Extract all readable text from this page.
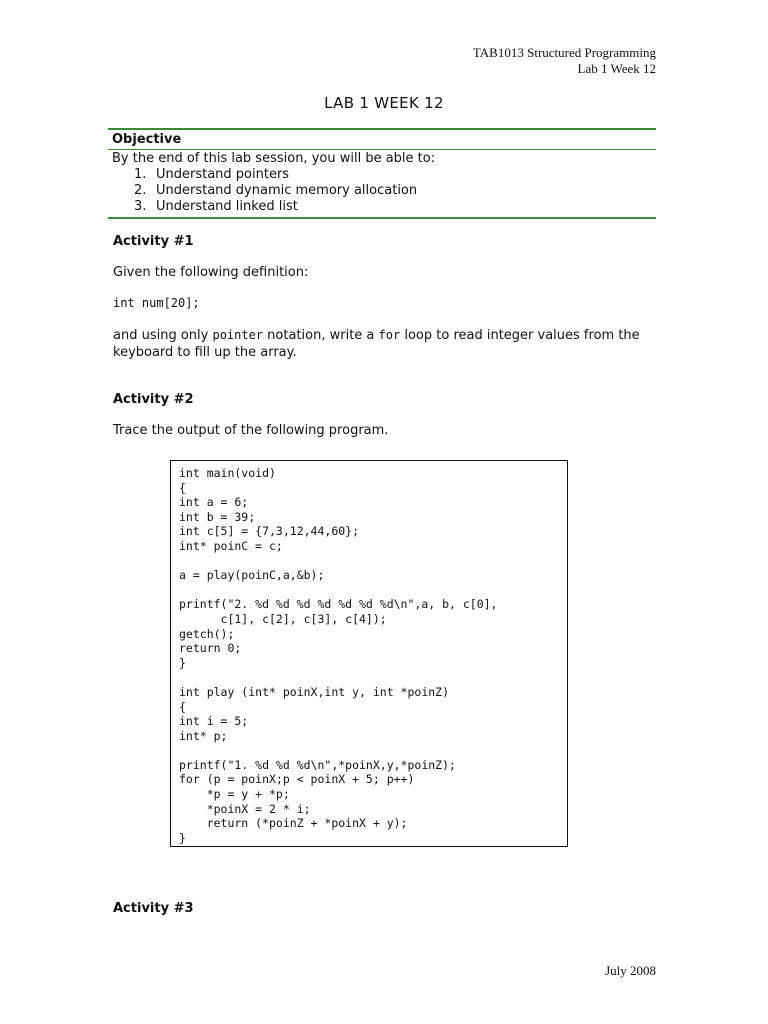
TAB1013 Structured Programming
Lab 1 Week 12
LAB 1 WEEK 12
Objective
By the end of this lab session, you will be able to:
1. Understand pointers
2. Understand dynamic memory allocation
3. Understand linked list
Activity #1
Given the following definition:
int num[20];
and using only pointer notation, write a for loop to read integer values from the
keyboard to fill up the array.
Activity #2
Trace the output of the following program.
int main(void)
{
int a = 6;
int b = 39;
int c[5] = {7,3,12,44,60};
int* poinC = c;

a = play(poinC,a,&b);

printf("2. %d %d %d %d %d %d %d\n",a, b, c[0],
c[1], c[2], c[3], c[4]);
getch();
return 0;
}

int play (int* poinX,int y, int *poinZ)
{
int i = 5;
int* p;

printf("1. %d %d %d\n",*poinX,y,*poinZ);
for (p = poinX;p < poinX + 5; p++)
*p = y + *p;
*poinX = 2 * i;
return (*poinZ + *poinX + y);
}
Activity #3
July 2008
